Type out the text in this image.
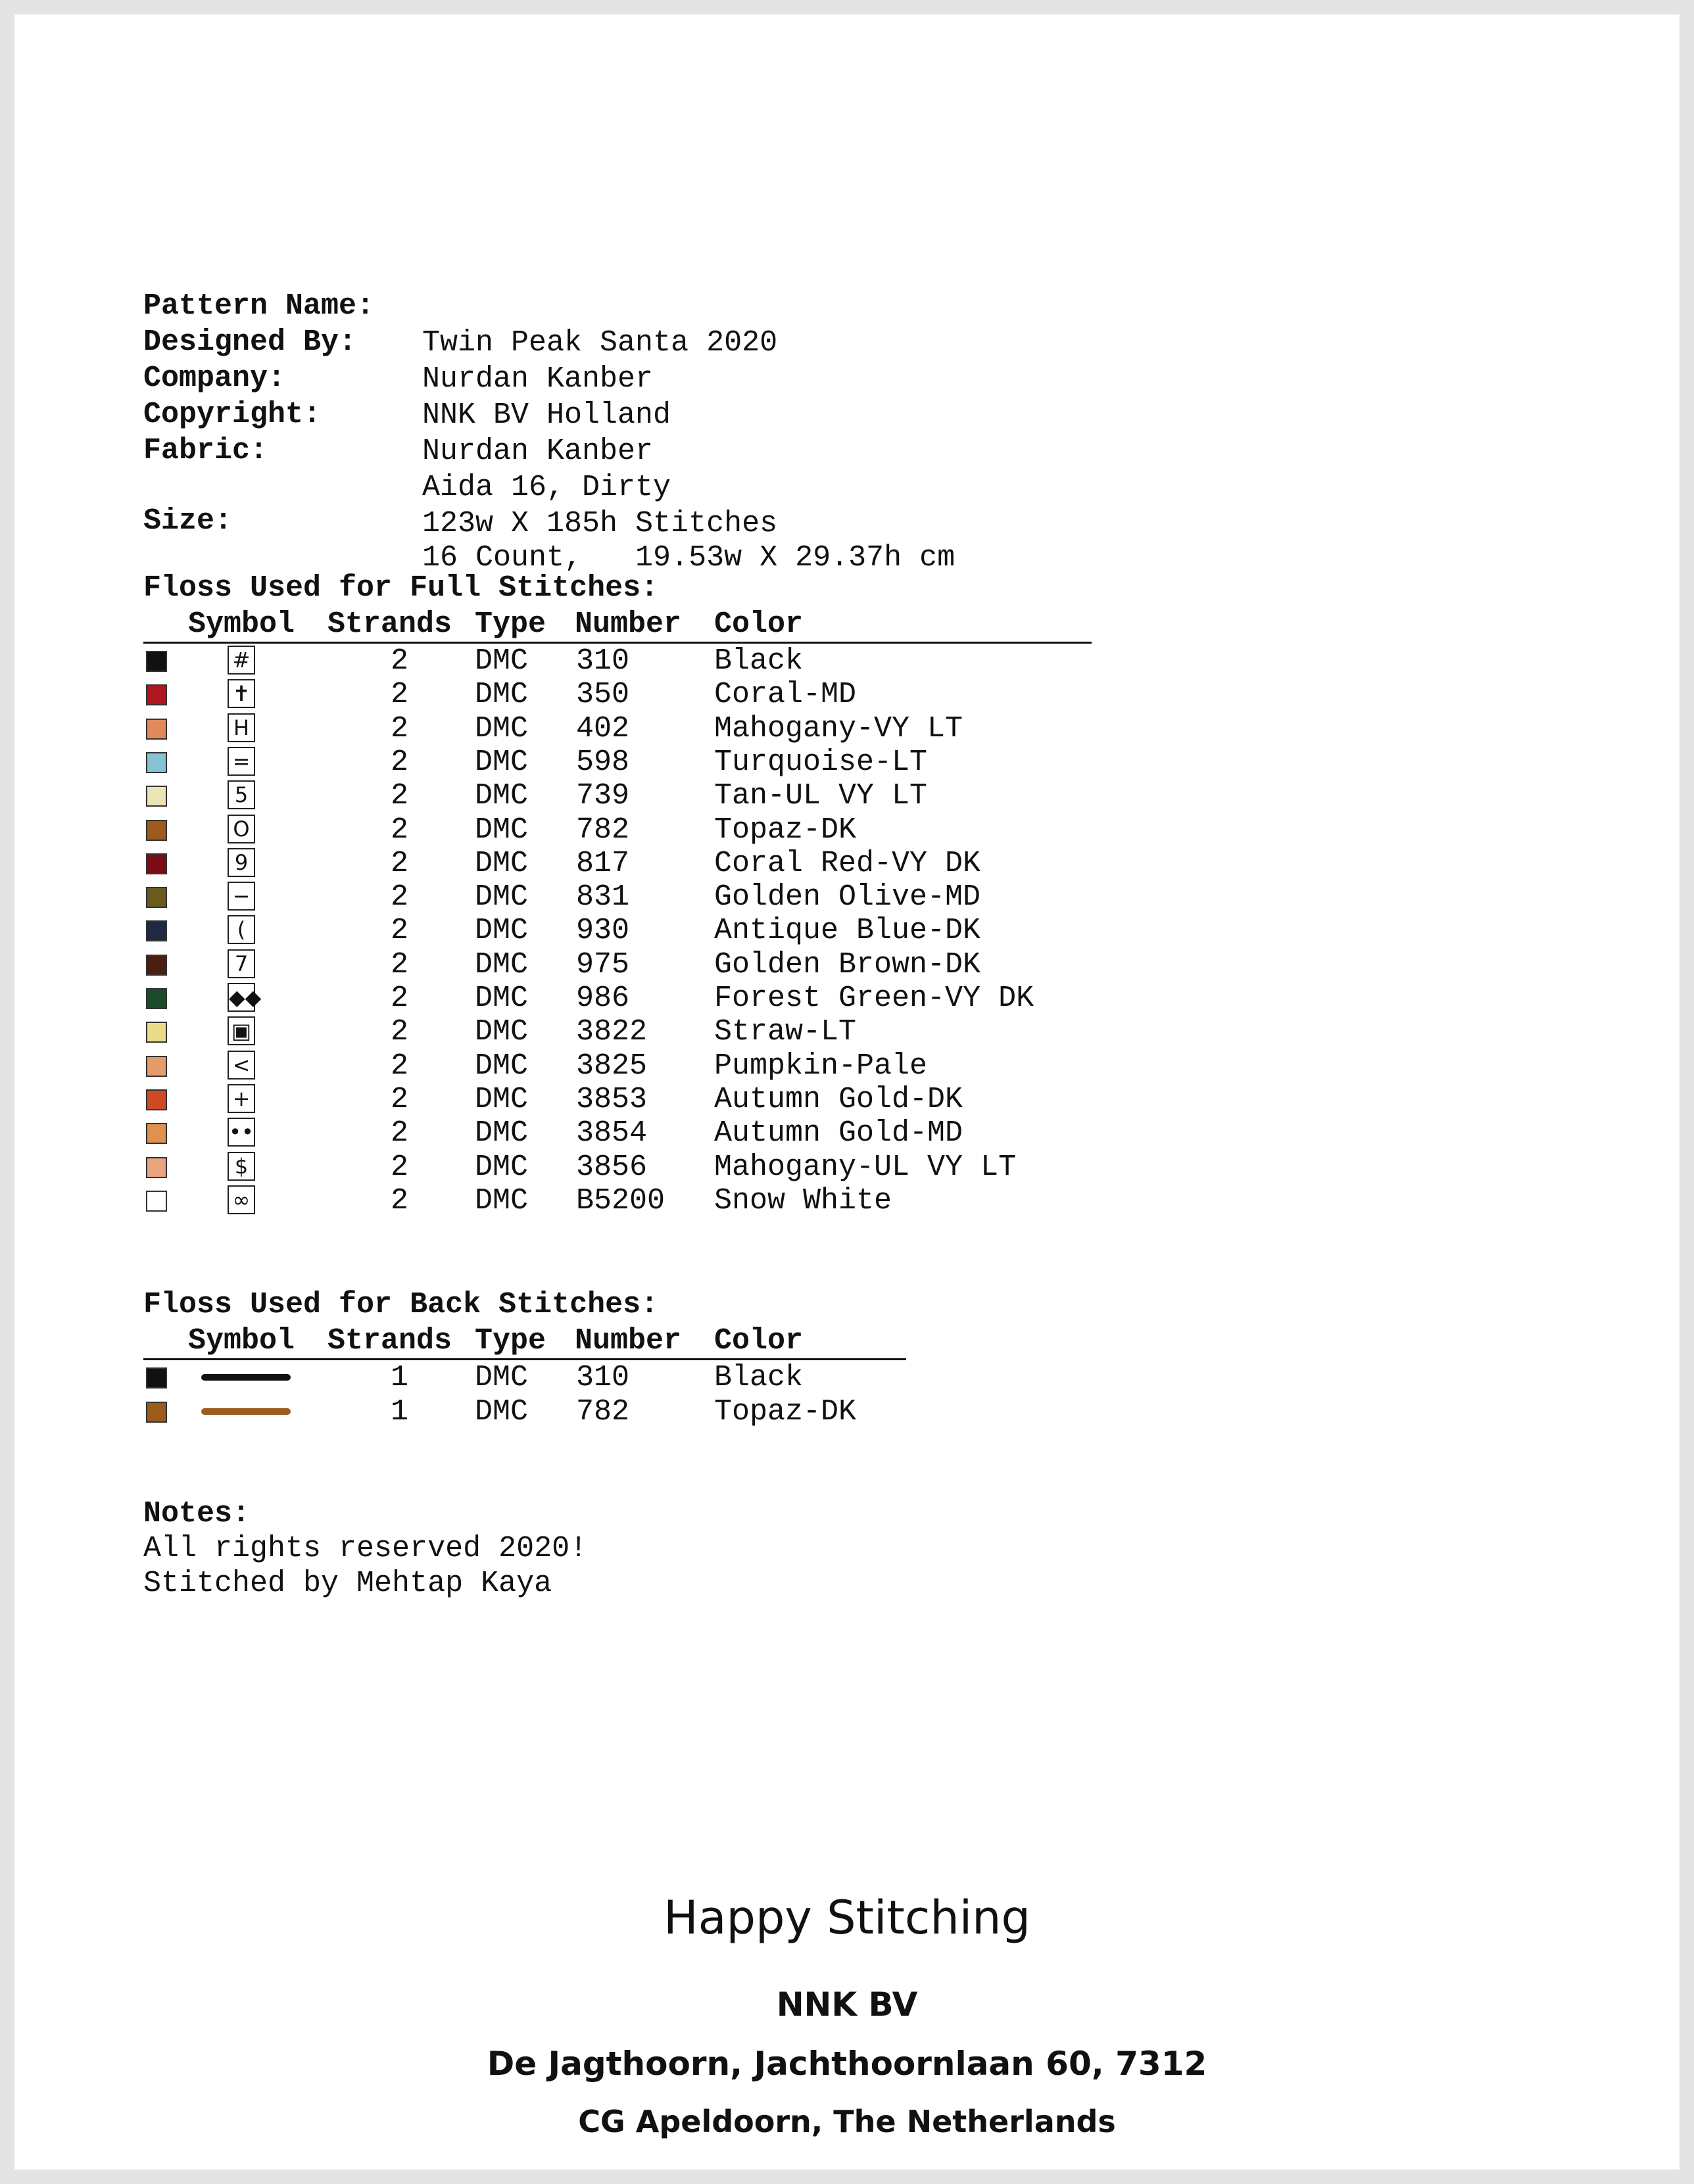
Pattern Name:

Twin Peak Santa 2020

Designed By:

Nurdan Kanber

Company:

NNK BV Holland

Copyright:

Nurdan Kanber

Fabric:

Aida 16, Dirty

123w X 185h Stitches

Size:

16 Count,   19.53w X 29.37h cm

Floss Used for Full Stitches:
Symbol Strands Type Number Color
#	2 DMC 310	Black
✝	2 DMC 350	Coral-MD
H	2 DMC 402	Mahogany-VY LT
=	2 DMC 598	Turquoise-LT
5	2 DMC 739	Tan-UL VY LT
O	2 DMC 782	Topaz-DK
9	2 DMC 817	Coral Red-VY DK
−	2 DMC 831	Golden Olive-MD
(	2 DMC 930	Antique Blue-DK
7	2 DMC 975	Golden Brown-DK
◆◆	2 DMC 986	Forest Green-VY DK
▣	2 DMC 3822 Straw-LT
<	2 DMC 3825 Pumpkin-Pale
+	2 DMC 3853 Autumn Gold-DK
••	2 DMC 3854 Autumn Gold-MD
$	2 DMC 3856 Mahogany-UL VY LT
∞	2 DMC B5200 Snow White
Floss Used for Back Stitches:
Symbol Strands Type Number Color
1 DMC 310	Black
1 DMC 782	Topaz-DK
Notes:
All rights reserved 2020!
Stitched by Mehtap Kaya
Happy Stitching
NNK BV
De Jagthoorn, Jachthoornlaan 60, 7312
CG Apeldoorn, The Netherlands
